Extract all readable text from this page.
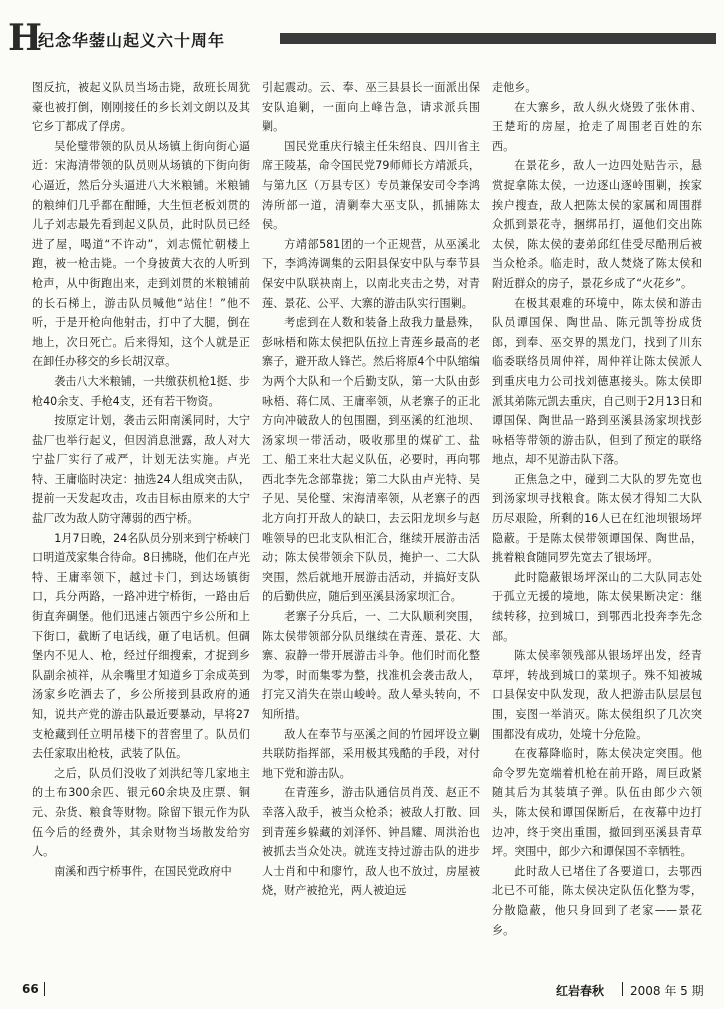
H
纪念华蓥山起义六十周年

图反抗，被起义队员当场击毙，敌班长周犹豪也被打倒，刚刚接任的乡长刘文朗以及其它乡丁都成了俘虏。

吴伦璧带领的队员从场镇上街向街心逼近：宋海清带领的队员则从场镇的下街向街心逼近，然后分头逼进八大米粮铺。米粮铺的粮绅们几乎都在酣睡，大生恒老板刘贯的儿子刘志最先看到起义队员，此时队员已经进了屋，喝道“不许动”，刘志慌忙朝楼上跑，被一枪击毙。一个身披黄大衣的人听到枪声，从中街跑出来，走到刘贯的米粮铺前的长石梯上，游击队员喊他“站住！”他不听，于是开枪向他射击，打中了大腿，倒在地上，次日死亡。后来得知，这个人就是正在卸任办移交的乡长胡汉章。

袭击八大米粮铺，一共缴获机枪1挺、步枪40余支、手枪4支，还有若干物资。

按原定计划，袭击云阳南溪同时，大宁盐厂也举行起义，但因消息泄露，敌人对大宁盐厂实行了戒严，计划无法实施。卢光特、王庸临时决定：抽选24人组成突击队，提前一天发起攻击，攻击目标由原来的大宁盐厂改为敌人防守薄弱的西宁桥。

1月7日晚，24名队员分别来到宁桥峡门口明道茂家集合待命。8日拂晓，他们在卢光特、王庸率领下，越过卡门，到达场镇街口，兵分两路，一路冲进宁桥街，一路由后街直奔碉堡。他们迅速占领西宁乡公所和上下街口，截断了电话线，砸了电话机。但碉堡内不见人、枪，经过仔细搜索，才捉到乡队副余祯祥，从余嘴里才知道乡丁余成英到汤家乡吃酒去了，乡公所接到县政府的通知，说共产党的游击队最近要暴动，早将27支枪藏到任立明吊楼下的苕窖里了。队员们去任家取出枪枝，武装了队伍。

之后，队员们没收了刘洪纪等几家地主的土布300余匹、银元60余块及庄票、铜元、杂货、粮食等财物。除留下银元作为队伍今后的经费外，其余财物当场散发给穷人。

南溪和西宁桥事件，在国民党政府中

引起震动。云、奉、巫三县县长一面派出保安队追剿，一面向上峰告急，请求派兵围剿。

国民党重庆行辕主任朱绍良、四川省主席王陵基，命令国民党79师师长方靖派兵，与第九区（万县专区）专员兼保安司令李鸿涛所部一道，清剿奉大巫支队，抓捕陈太侯。

方靖部581团的一个正规营，从巫溪北下，李鸿涛调集的云阳县保安中队与奉节县保安中队联袂南上，以南北夹击之势，对青莲、景花、公平、大寨的游击队实行围剿。

考虑到在人数和装备上敌我力量悬殊，彭咏梧和陈太侯把队伍拉上青莲乡最高的老寨子，避开敌人锋芒。然后将原4个中队缩编为两个大队和一个后勤支队，第一大队由彭咏梧、蒋仁凤、王庸率领，从老寨子的正北方向冲破敌人的包围圈，到巫溪的红池坝、汤家坝一带活动，吸收那里的煤矿工、盐工、船工来壮大起义队伍，必要时，再向鄂西北李先念部靠拢；第二大队由卢光特、吴子见、吴伦璧、宋海清率领，从老寨子的西北方向打开敌人的缺口，去云阳龙坝乡与赵唯领导的巴北支队相汇合，继续开展游击活动；陈太侯带领余下队员，掩护一、二大队突围，然后就地开展游击活动，并搞好支队的后勤供应，随后到巫溪县汤家坝汇合。

老寨子分兵后，一、二大队顺利突围，陈太侯带领部分队员继续在青莲、景花、大寨、寂静一带开展游击斗争。他们时而化整为零，时而集零为整，找准机会袭击敌人，打完又消失在崇山峻岭。敌人晕头转向，不知所措。

敌人在奉节与巫溪之间的竹园坪设立剿共联防指挥部，采用极其残酷的手段，对付地下党和游击队。

在青莲乡，游击队通信员肖茂、赵正不幸落入敌手，被当众枪杀；被敌人打散、回到青莲乡躲藏的刘泽怀、钟昌耀、周洪治也被抓去当众处决。就连支持过游击队的进步人士肖和中和廖竹，敌人也不放过，房屋被烧，财产被抢光，两人被迫远

走他乡。

在大寨乡，敌人纵火烧毁了张休甫、王楚珩的房屋，抢走了周围老百姓的东西。

在景花乡，敌人一边四处贴告示，悬赏捉拿陈太侯，一边逐山逐岭围剿，挨家挨户搜查，敌人把陈太侯的家属和周围群众抓到景花寺，捆绑吊打，逼他们交出陈太侯，陈太侯的妻弟邱红佳受尽酷刑后被当众枪杀。临走时，敌人焚烧了陈太侯和附近群众的房子，景花乡成了“火花乡”。

在极其艰难的环境中，陈太侯和游击队员谭国保、陶世品、陈元凯等扮成货郎，到奉、巫交界的黑龙门，找到了川东临委联络员周仲祥，周仲祥让陈太侯派人到重庆电力公司找刘德惠接头。陈太侯即派其弟陈元凯去重庆，自己则于2月13日和谭国保、陶世品一路到巫溪县汤家坝找彭咏梧等带领的游击队，但到了预定的联络地点，却不见游击队下落。

正焦急之中，碰到二大队的罗先宽也到汤家坝寻找粮食。陈太侯才得知二大队历尽艰险，所剩的16人已在红池坝银场坪隐蔽。于是陈太侯带领谭国保、陶世品，挑着粮食随同罗先宽去了银场坪。

此时隐蔽银场坪深山的二大队同志处于孤立无援的境地，陈太侯果断决定：继续转移，拉到城口，到鄂西北投奔李先念部。

陈太侯率领残部从银场坪出发，经青草坪，转战到城口的菜坝子。殊不知被城口县保安中队发现，敌人把游击队层层包围，妄图一举消灭。陈太侯组织了几次突围都没有成功，处境十分危险。

在夜幕降临时，陈太侯决定突围。他命令罗先宽端着机枪在前开路，周巨政紧随其后为其装填子弹。队伍由郎少六领头，陈太侯和谭国保断后，在夜幕中边打边冲，终于突出重围，撤回到巫溪县青草坪。突围中，郎少六和谭保国不幸牺牲。

此时敌人已堵住了各要道口，去鄂西北已不可能，陈太侯决定队伍化整为零，分散隐蔽，他只身回到了老家——景花乡。

66	红岩春秋 2008 年 5 期
